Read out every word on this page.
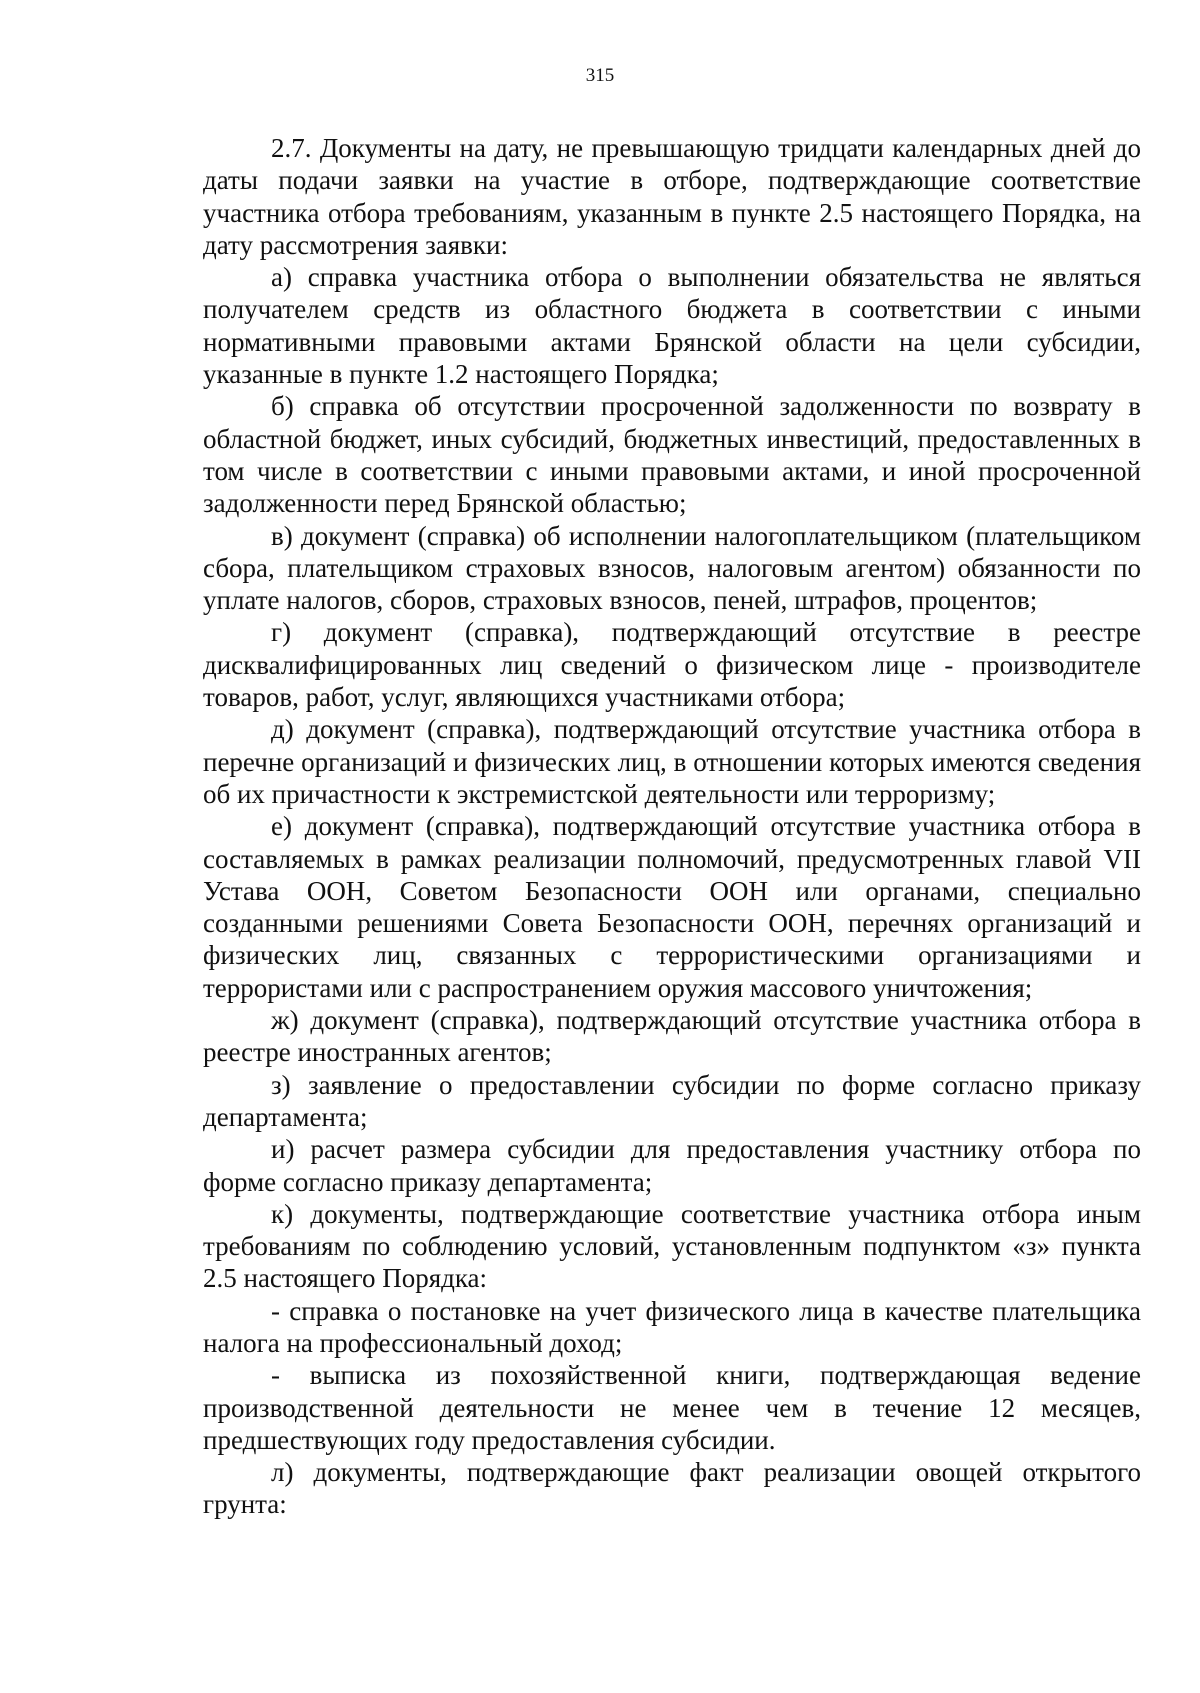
315

2.7. Документы на дату, не превышающую тридцати календарных дней до даты подачи заявки на участие в отборе, подтверждающие соответствие участника отбора требованиям, указанным в пункте 2.5 настоящего Порядка, на дату рассмотрения заявки:

а) справка участника отбора о выполнении обязательства не являться получателем средств из областного бюджета в соответствии с иными нормативными правовыми актами Брянской области на цели субсидии, указанные в пункте 1.2 настоящего Порядка;

б) справка об отсутствии просроченной задолженности по возврату в областной бюджет, иных субсидий, бюджетных инвестиций, предоставленных в том числе в соответствии с иными правовыми актами, и иной просроченной задолженности перед Брянской областью;

в) документ (справка) об исполнении налогоплательщиком (плательщиком сбора, плательщиком страховых взносов, налоговым агентом) обязанности по уплате налогов, сборов, страховых взносов, пеней, штрафов, процентов;

г) документ (справка), подтверждающий отсутствие в реестре дисквалифицированных лиц сведений о физическом лице - производителе товаров, работ, услуг, являющихся участниками отбора;

д) документ (справка), подтверждающий отсутствие участника отбора в перечне организаций и физических лиц, в отношении которых имеются сведения об их причастности к экстремистской деятельности или терроризму;

е) документ (справка), подтверждающий отсутствие участника отбора в составляемых в рамках реализации полномочий, предусмотренных главой VII Устава ООН, Советом Безопасности ООН или органами, специально созданными решениями Совета Безопасности ООН, перечнях организаций и физических лиц, связанных с террористическими организациями и террористами или с распространением оружия массового уничтожения;

ж) документ (справка), подтверждающий отсутствие участника отбора в реестре иностранных агентов;

з) заявление о предоставлении субсидии по форме согласно приказу департамента;

и) расчет размера субсидии для предоставления участнику отбора по форме согласно приказу департамента;

к) документы, подтверждающие соответствие участника отбора иным требованиям по соблюдению условий, установленным подпунктом «з» пункта 2.5 настоящего Порядка:

- справка о постановке на учет физического лица в качестве плательщика налога на профессиональный доход;

- выписка из похозяйственной книги, подтверждающая ведение производственной деятельности не менее чем в течение 12 месяцев, предшествующих году предоставления субсидии.

л) документы, подтверждающие факт реализации овощей открытого грунта:
